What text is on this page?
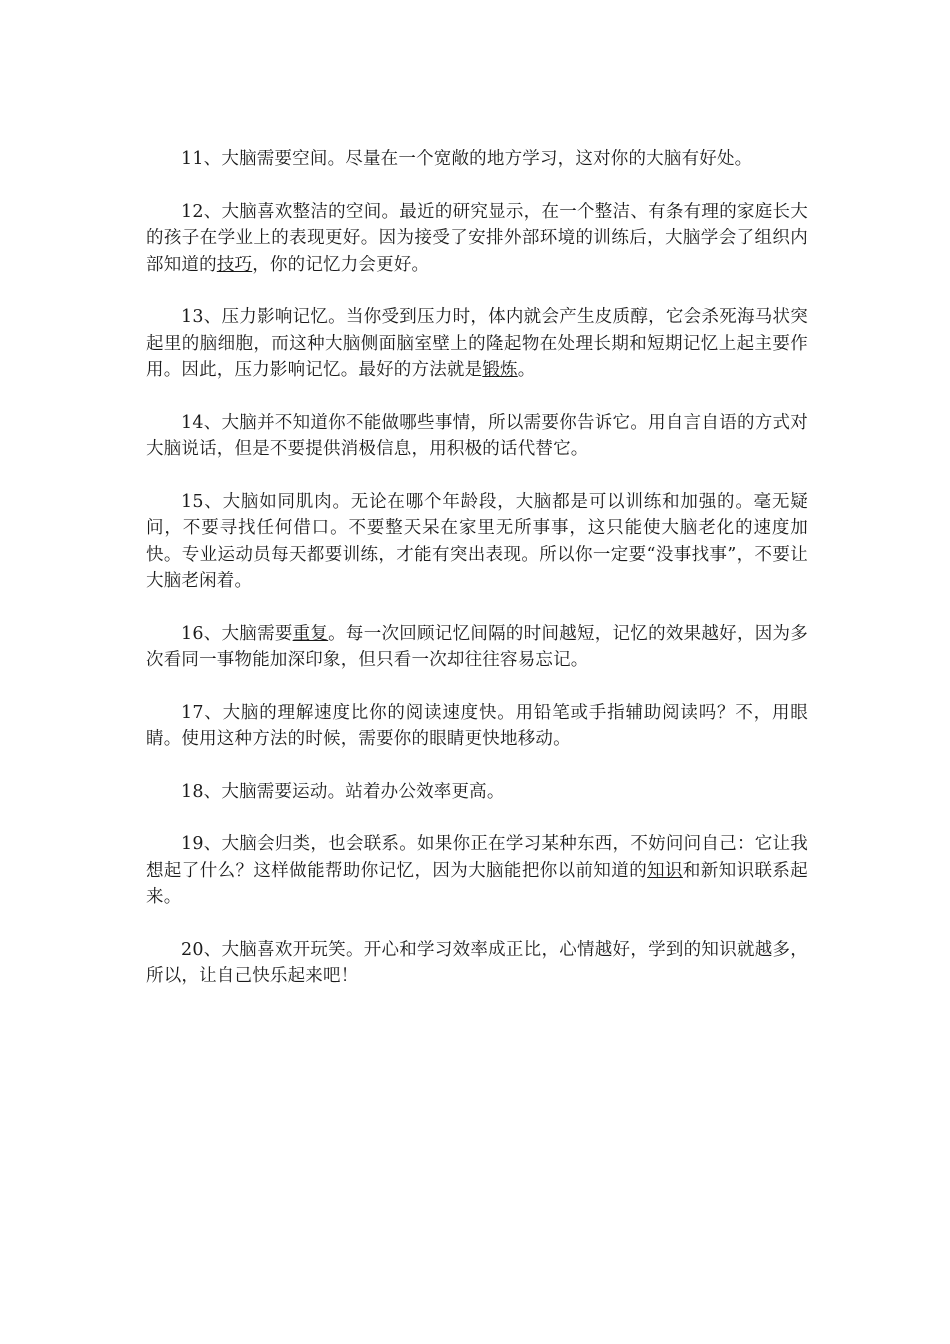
11、大脑需要空间。尽量在一个宽敞的地方学习，这对你的大脑有好处。

12、大脑喜欢整洁的空间。最近的研究显示，在一个整洁、有条有理的家庭长大的孩子在学业上的表现更好。因为接受了安排外部环境的训练后，大脑学会了组织内部知道的技巧，你的记忆力会更好。

13、压力影响记忆。当你受到压力时，体内就会产生皮质醇，它会杀死海马状突起里的脑细胞，而这种大脑侧面脑室壁上的隆起物在处理长期和短期记忆上起主要作用。因此，压力影响记忆。最好的方法就是锻炼。

14、大脑并不知道你不能做哪些事情，所以需要你告诉它。用自言自语的方式对大脑说话，但是不要提供消极信息，用积极的话代替它。

15、大脑如同肌肉。无论在哪个年龄段，大脑都是可以训练和加强的。毫无疑问，不要寻找任何借口。不要整天呆在家里无所事事，这只能使大脑老化的速度加快。专业运动员每天都要训练，才能有突出表现。所以你一定要“没事找事”，不要让大脑老闲着。

16、大脑需要重复。每一次回顾记忆间隔的时间越短，记忆的效果越好，因为多次看同一事物能加深印象，但只看一次却往往容易忘记。

17、大脑的理解速度比你的阅读速度快。用铅笔或手指辅助阅读吗？不，用眼睛。使用这种方法的时候，需要你的眼睛更快地移动。

18、大脑需要运动。站着办公效率更高。

19、大脑会归类，也会联系。如果你正在学习某种东西，不妨问问自己：它让我想起了什么？这样做能帮助你记忆，因为大脑能把你以前知道的知识和新知识联系起来。

20、大脑喜欢开玩笑。开心和学习效率成正比，心情越好，学到的知识就越多，所以，让自己快乐起来吧！
